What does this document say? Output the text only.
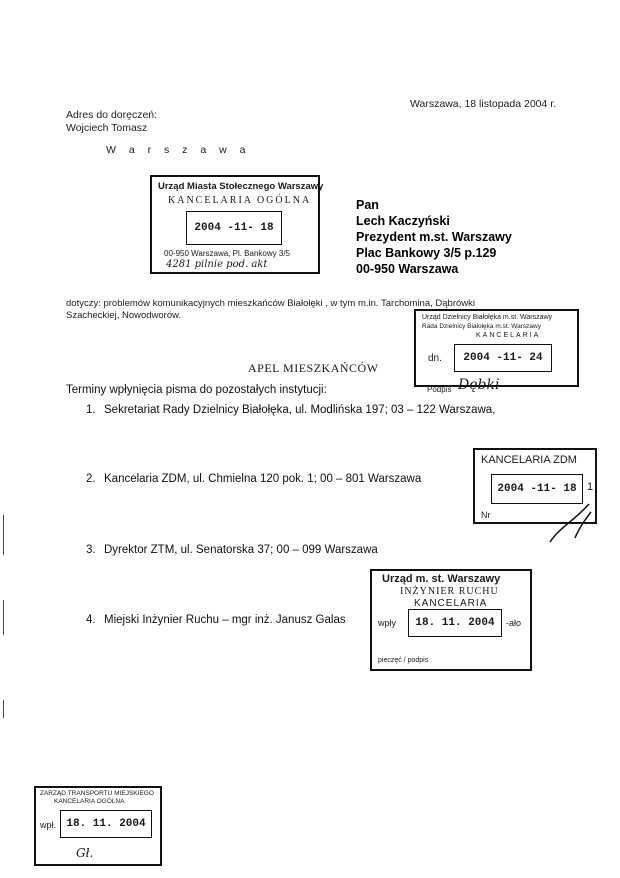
Warszawa, 18 listopada 2004 r.
Adres do doręczeń:
Wojciech Tomasz
W a r s z a w a
Urząd Miasta Stołecznego Warszawy
KANCELARIA OGÓLNA
2004 -11- 18
00-950 Warszawa, Pl. Bankowy 3/5
4281 pilnie pod. akt
Pan
Lech Kaczyński
Prezydent m.st. Warszawy
Plac Bankowy 3/5 p.129
00-950 Warszawa
dotyczy: problemów komunikacyjnych mieszkańców Białołęki , w tym m.in. Tarchomina, Dąbrówki
Szacheckiej, Nowodworów.	Urząd Dzielnicy Białołęka m.st. Warszawy
Rada Dzielnicy Białołęka m.st. Warszawy
KANCELARIA
dn.	2004 -11- 24
Podpis Dębki
APEL MIESZKAŃCÓW
Terminy wpłynięcia pisma do pozostałych instytucji:
1. Sekretariat Rady Dzielnicy Białołęka, ul. Modlińska 197; 03 – 122 Warszawa,
2. Kancelaria ZDM, ul. Chmielna 120 pok. 1; 00 – 801 Warszawa
3. Dyrektor ZTM, ul. Senatorska 37; 00 – 099 Warszawa
4. Miejski Inżynier Ruchu – mgr inż. Janusz Galas
KANCELARIA ZDM
2004 -11- 18 1
Nr
Urząd m. st. Warszawy
INŻYNIER RUCHU
KANCELARIA
wpły	18. 11. 2004	-ało
pieczęć / podpis
ZARZĄD TRANSPORTU MIEJSKIEGO
KANCELARIA OGÓLNA
wpł. 18. 11. 2004
Gł.
